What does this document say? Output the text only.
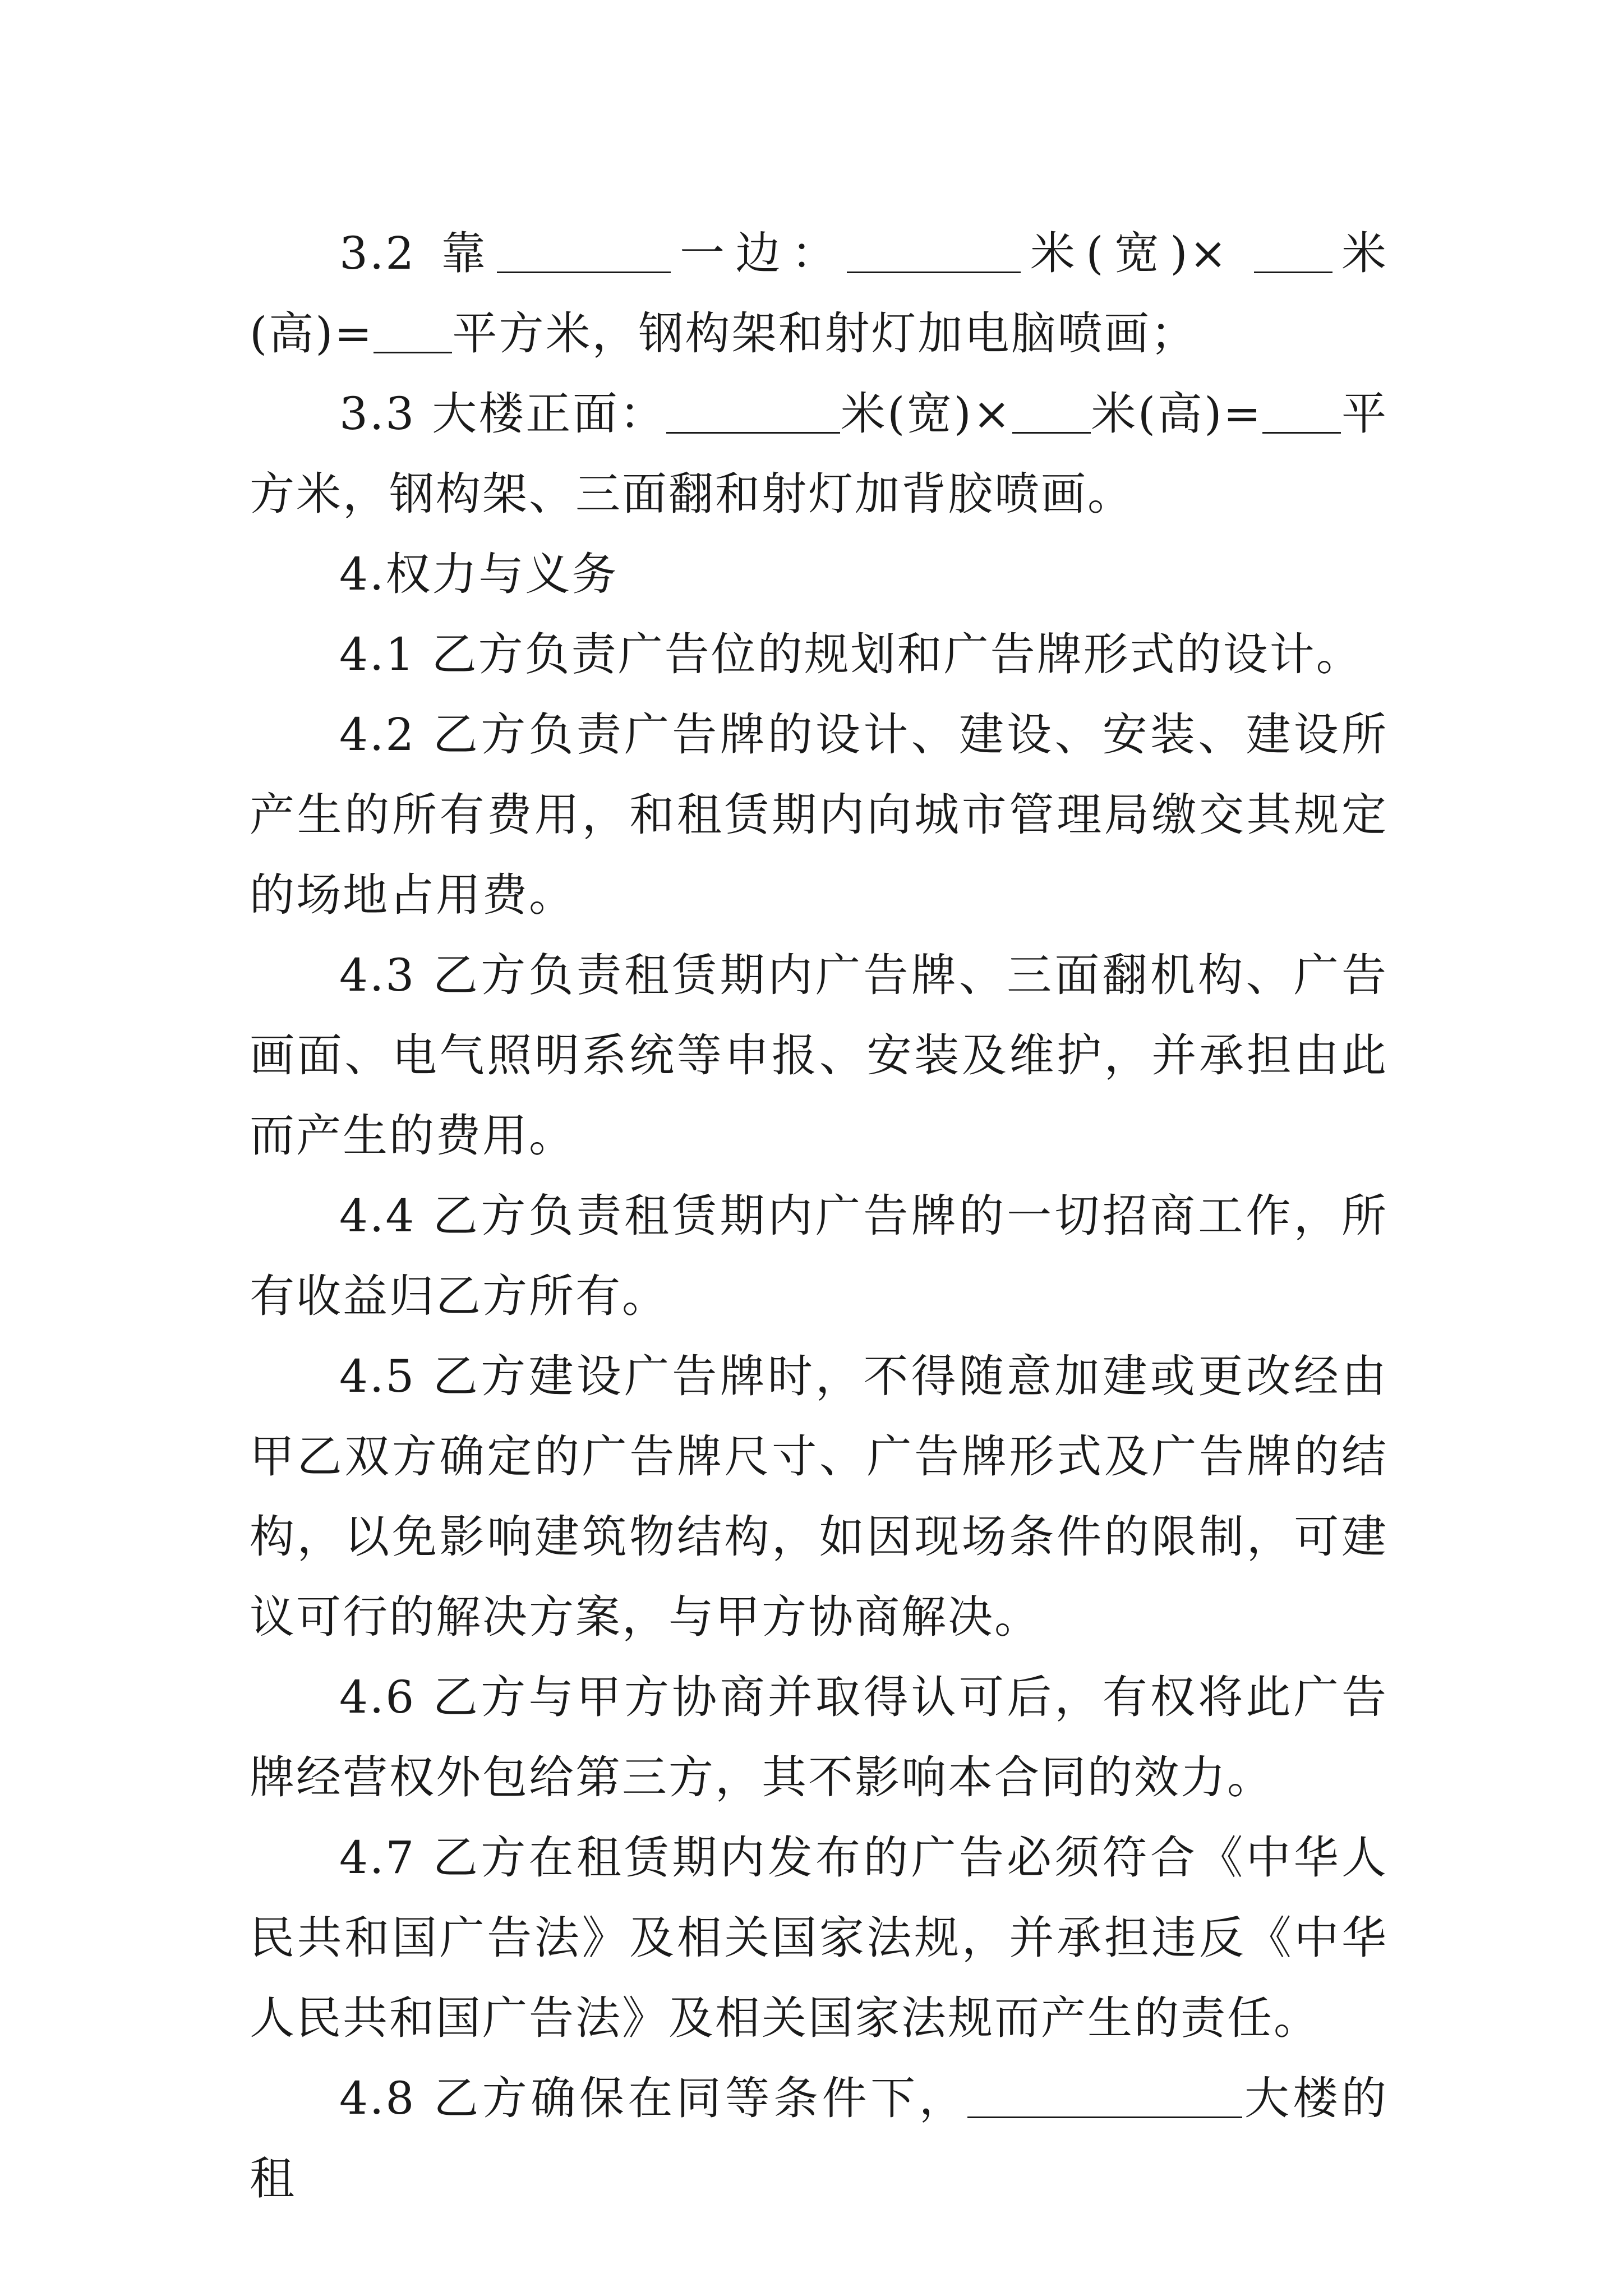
3.2 靠	一边：	米(宽)× 米(高)= 平方米，钢构架和射灯加电脑喷画；

3.3 大楼正面：	米(宽)× 米(高)= 平方米，钢构架、三面翻和射灯加背胶喷画。

4.权力与义务

4.1 乙方负责广告位的规划和广告牌形式的设计。

4.2 乙方负责广告牌的设计、建设、安装、建设所产生的所有费用，和租赁期内向城市管理局缴交其规定的场地占用费。

4.3 乙方负责租赁期内广告牌、三面翻机构、广告画面、电气照明系统等申报、安装及维护，并承担由此而产生的费用。

4.4 乙方负责租赁期内广告牌的一切招商工作，所有收益归乙方所有。

4.5 乙方建设广告牌时，不得随意加建或更改经由甲乙双方确定的广告牌尺寸、广告牌形式及广告牌的结构，以免影响建筑物结构，如因现场条件的限制，可建议可行的解决方案，与甲方协商解决。

4.6 乙方与甲方协商并取得认可后，有权将此广告牌经营权外包给第三方，其不影响本合同的效力。

4.7 乙方在租赁期内发布的广告必须符合《中华人民共和国广告法》及相关国家法规，并承担违反《中华人民共和国广告法》及相关国家法规而产生的责任。

4.8 乙方确保在同等条件下，	大楼的租
